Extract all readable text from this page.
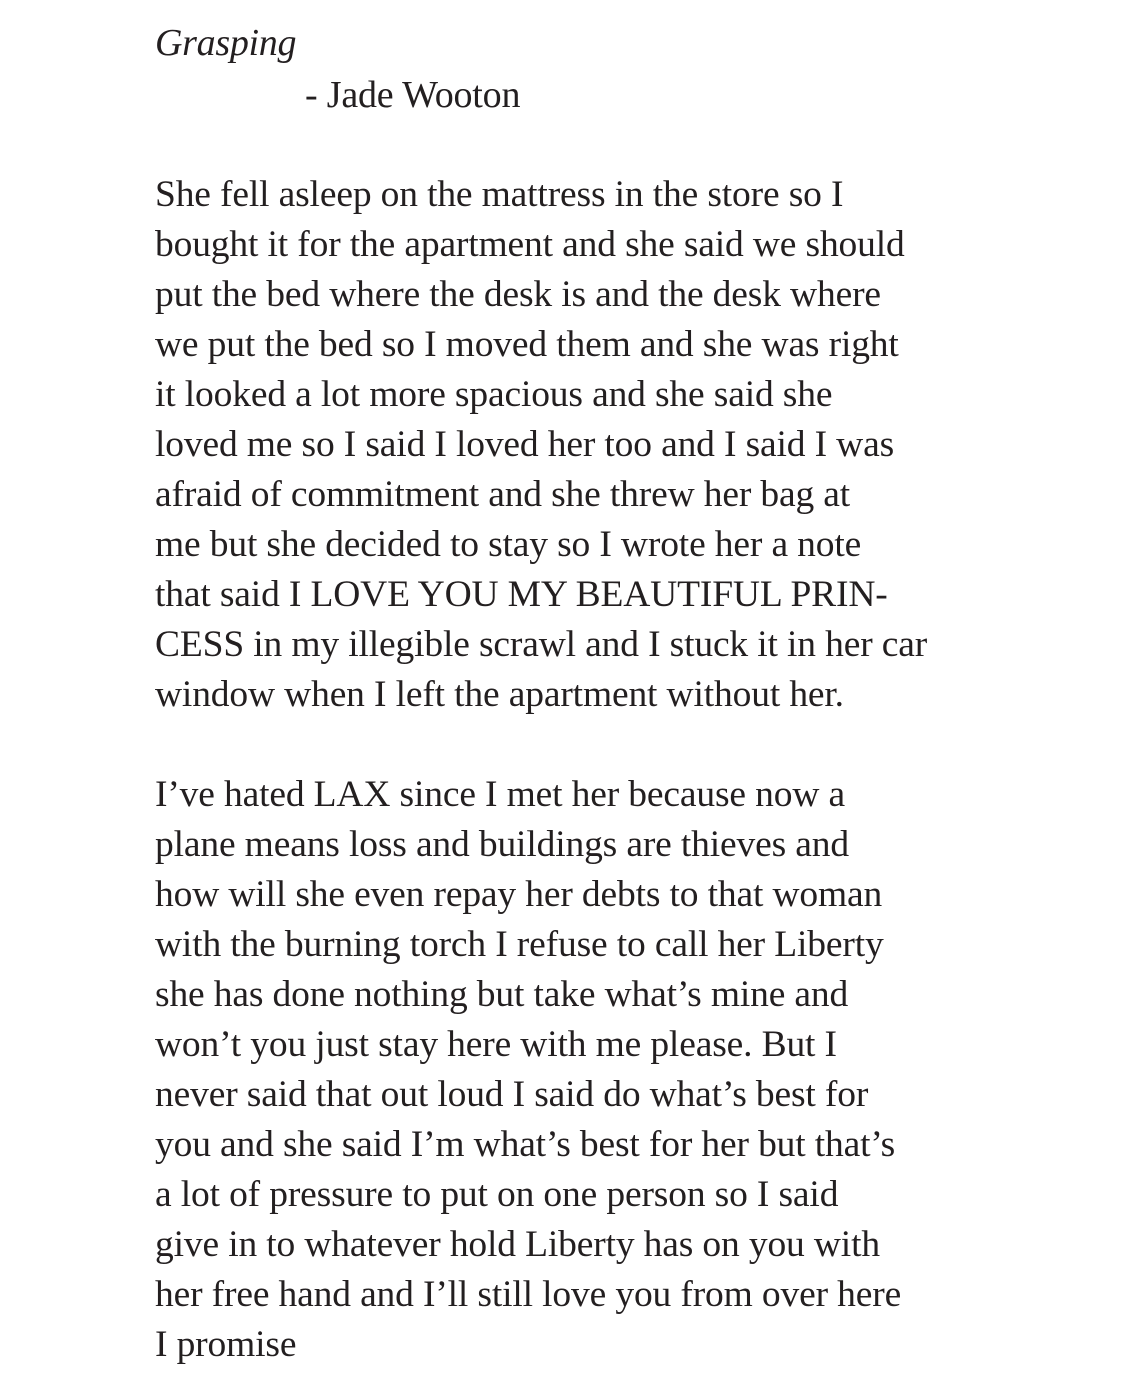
Grasping

- Jade Wooton

She fell asleep on the mattress in the store so I
bought it for the apartment and she said we should
put the bed where the desk is and the desk where
we put the bed so I moved them and she was right
it looked a lot more spacious and she said she
loved me so I said I loved her too and I said I was
afraid of commitment and she threw her bag at
me but she decided to stay so I wrote her a note
that said I LOVE YOU MY BEAUTIFUL PRIN-
CESS in my illegible scrawl and I stuck it in her car
window when I left the apartment without her.
I’ve hated LAX since I met her because now a
plane means loss and buildings are thieves and
how will she even repay her debts to that woman
with the burning torch I refuse to call her Liberty
she has done nothing but take what’s mine and
won’t you just stay here with me please. But I
never said that out loud I said do what’s best for
you and she said I’m what’s best for her but that’s
a lot of pressure to put on one person so I said
give in to whatever hold Liberty has on you with
her free hand and I’ll still love you from over here
I promise
